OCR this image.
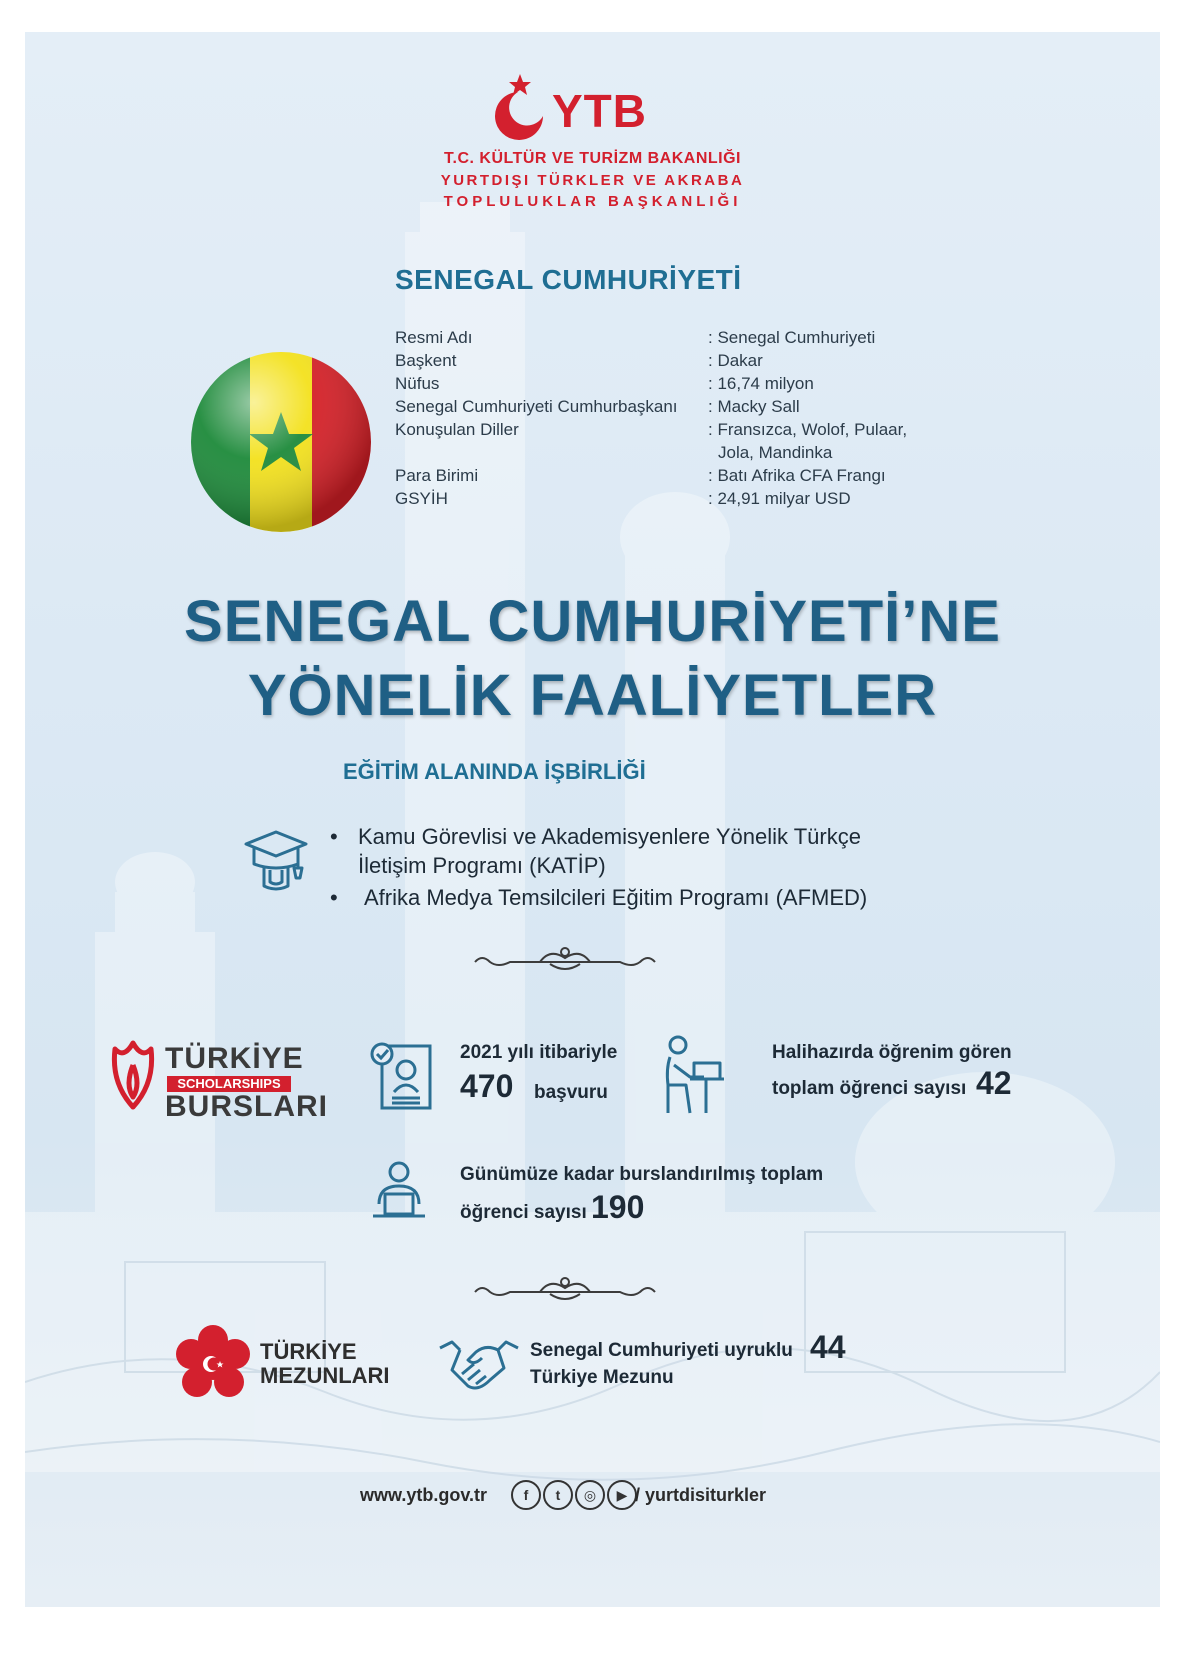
YTB
T.C. KÜLTÜR VE TURİZM BAKANLIĞI
YURTDIŞI TÜRKLER VE AKRABA
TOPLULUKLAR BAŞKANLIĞI
SENEGAL CUMHURİYETİ
Resmi Adı
Başkent
Nüfus
Senegal Cumhuriyeti Cumhurbaşkanı
Konuşulan Diller
Para Birimi
GSYİH
: Senegal Cumhuriyeti
: Dakar
: 16,74 milyon
: Macky Sall
: Fransızca, Wolof, Pulaar,
Jola, Mandinka
: Batı Afrika CFA Frangı
: 24,91 milyar USD
SENEGAL CUMHURİYETİ’NE
YÖNELİK FAALİYETLER
EĞİTİM ALANINDA İŞBİRLİĞİ
• Kamu Görevlisi ve Akademisyenlere Yönelik Türkçe
İletişim Programı (KATİP)
• Afrika Medya Temsilcileri Eğitim Programı (AFMED)
TÜRKİYE
SCHOLARSHIPS
BURSLARI
2021 yılı itibariyle
470 başvuru
Halihazırda öğrenim gören
toplam öğrenci sayısı 42
Günümüze kadar burslandırılmış toplam
öğrenci sayısı 190
TÜRKİYE
MEZUNLARI
Senegal Cumhuriyeti uyruklu
Türkiye Mezunu
44
www.ytb.gov.tr	f t ◎ ▶ / yurtdisiturkler
